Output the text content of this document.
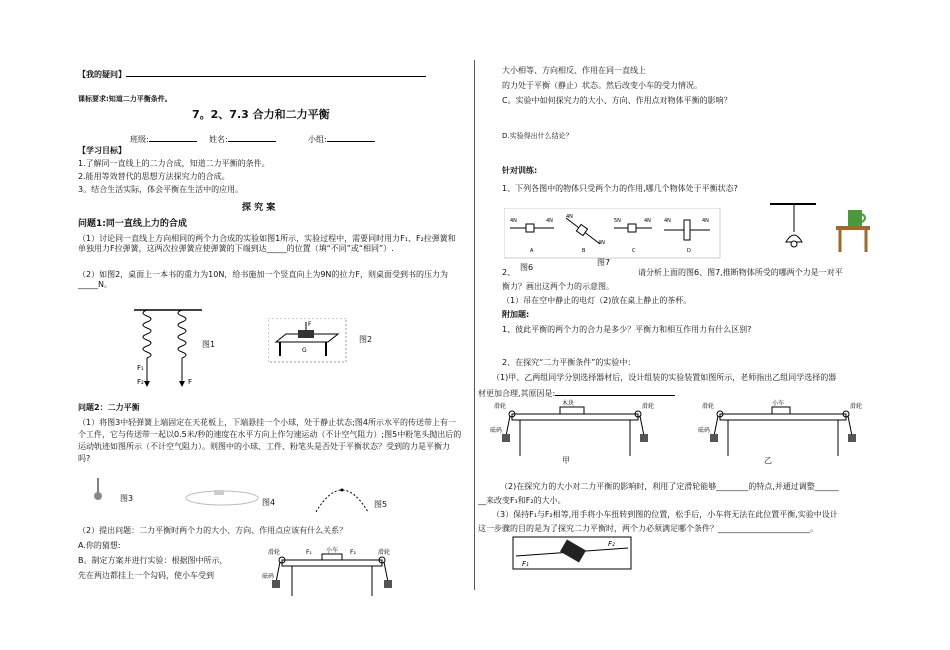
【我的疑问】
课标要求:知道二力平衡条件。
7。2、7.3 合力和二力平衡
班级:	姓名:	小组:
【学习目标】
1.了解同一直线上的二力合成，知道二力平衡的条件。
2.能用等效替代的思想方法探究力的合成。
3。结合生活实际，体会平衡在生活中的应用。
探 究 案
问题1:同一直线上力的合成
（1）讨论同一直线上方向相同的两个力合成的实验如图1所示，实验过程中，需要同时用力F₁、F₂拉弹簧和单独用力F拉弹簧，这两次拉弹簧应使弹簧的下端到达_____的位置（填“不同”或“相同”）.
（2）如图2，桌面上一本书的重力为10N，给书施加一个竖直向上为9N的拉力F，则桌面受到书的压力为_____N。
F₁
F₂	F
图1
F
G
图2
问题2：二力平衡
（1）将图3中轻弹簧上端固定在天花板上，下端悬挂一个小球，处于静止状态;图4所示水平的传送带上有一个工件，它与传送带一起以0.5米/秒的速度在水平方向上作匀速运动（不计空气阻力）;图5中粉笔头抛出后的运动轨迹如图所示（不计空气阻力）。则图中的小球、工件、粉笔头是否处于平衡状态？受到的力是平衡力吗?
图3	图4	图5
（2）提出问题：二力平衡时两个力的大小、方向、作用点应该有什么关系？
A.你的猜想:
B。制定方案并进行实验：根据图中所示，
先在两边都挂上一个勾码，使小车受到
滑轮	滑轮
F₁ 小车 F₂
砝码
大小相等、方向相反、作用在同一直线上
的力处于平衡（静止）状态。然后改变小车的受力情况。
C。实验中如何探究力的大小、方向、作用点对物体平衡的影响？
D.实验得出什么结论？
针对训练:
1、下列各图中的物体只受两个力的作用,哪几个物体处于平衡状态?
4N	4N
A
4N
4N
B
5N	4N
C
4N	4N
D
图6
图7
2、	请分析上面的图6、图7,推断物体所受的哪两个力是一对平
衡力？画出这两个力的示意图。
（1）吊在空中静止的电灯（2)放在桌上静止的茶杯。
附加题:
1、彼此平衡的两个力的合力是多少？平衡力和相互作用力有什么区别?
2、在探究“二力平衡条件”的实验中：
（1)甲、乙两组同学分别选择器材后，设计组装的实验装置如图所示，老师指出乙组同学选择的器
材更加合理,其原因是:
滑轮	木块	滑轮
砝码
甲
滑轮	小车	滑轮
砝码
乙
（2)在探究力的大小对二力平衡的影响时，利用了定滑轮能够________的特点,并通过调整______
__来改变F₁和F₂的大小。
（3）保持F₁与F₂相等,用手将小车扭转到图的位置，松手后，小车将无法在此位置平衡,实验中设计
这一步骤的目的是为了探究二力平衡时，两个力必须满足哪个条件？_______________________。
F₁
F₂
